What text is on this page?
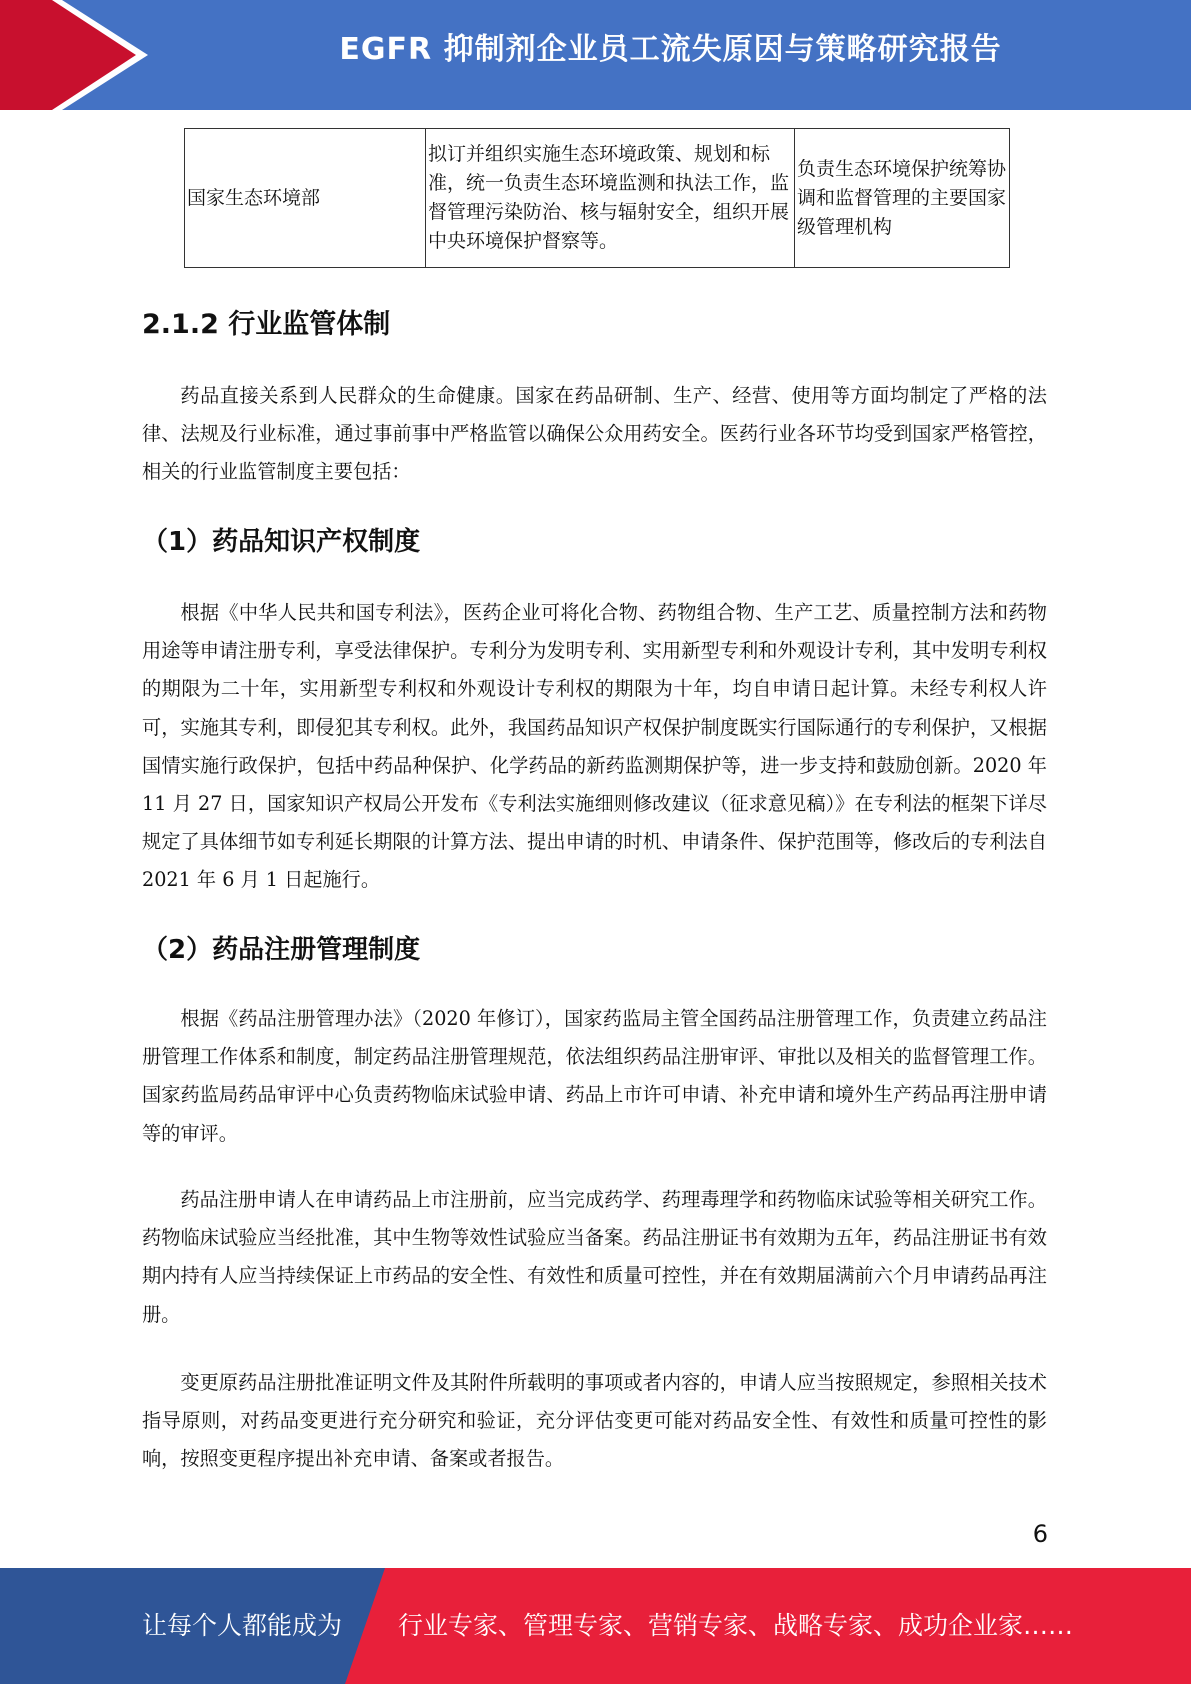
EGFR 抑制剂企业员工流失原因与策略研究报告
国家生态环境部	拟订并组织实施生态环境政策、规划和标准，统一负责生态环境监测和执法工作，监督管理污染防治、核与辐射安全，组织开展中央环境保护督察等。	负责生态环境保护统筹协调和监督管理的主要国家级管理机构
2.1.2 行业监管体制

药品直接关系到人民群众的生命健康。国家在药品研制、生产、经营、使用等方面均制定了严格的法律、法规及行业标准，通过事前事中严格监管以确保公众用药安全。医药行业各环节均受到国家严格管控，相关的行业监管制度主要包括：

（1）药品知识产权制度

根据《中华人民共和国专利法》，医药企业可将化合物、药物组合物、生产工艺、质量控制方法和药物用途等申请注册专利，享受法律保护。专利分为发明专利、实用新型专利和外观设计专利，其中发明专利权的期限为二十年，实用新型专利权和外观设计专利权的期限为十年，均自申请日起计算。未经专利权人许可，实施其专利，即侵犯其专利权。此外，我国药品知识产权保护制度既实行国际通行的专利保护，又根据国情实施行政保护，包括中药品种保护、化学药品的新药监测期保护等，进一步支持和鼓励创新。2020 年 11 月 27 日，国家知识产权局公开发布《专利法实施细则修改建议（征求意见稿）》在专利法的框架下详尽规定了具体细节如专利延长期限的计算方法、提出申请的时机、申请条件、保护范围等，修改后的专利法自 2021 年 6 月 1 日起施行。

（2）药品注册管理制度

根据《药品注册管理办法》（2020 年修订），国家药监局主管全国药品注册管理工作，负责建立药品注册管理工作体系和制度，制定药品注册管理规范，依法组织药品注册审评、审批以及相关的监督管理工作。国家药监局药品审评中心负责药物临床试验申请、药品上市许可申请、补充申请和境外生产药品再注册申请等的审评。

药品注册申请人在申请药品上市注册前，应当完成药学、药理毒理学和药物临床试验等相关研究工作。药物临床试验应当经批准，其中生物等效性试验应当备案。药品注册证书有效期为五年，药品注册证书有效期内持有人应当持续保证上市药品的安全性、有效性和质量可控性，并在有效期届满前六个月申请药品再注册。

变更原药品注册批准证明文件及其附件所载明的事项或者内容的，申请人应当按照规定，参照相关技术指导原则，对药品变更进行充分研究和验证，充分评估变更可能对药品安全性、有效性和质量可控性的影响，按照变更程序提出补充申请、备案或者报告。

6
让每个人都能成为 行业专家、管理专家、营销专家、战略专家、成功企业家……
